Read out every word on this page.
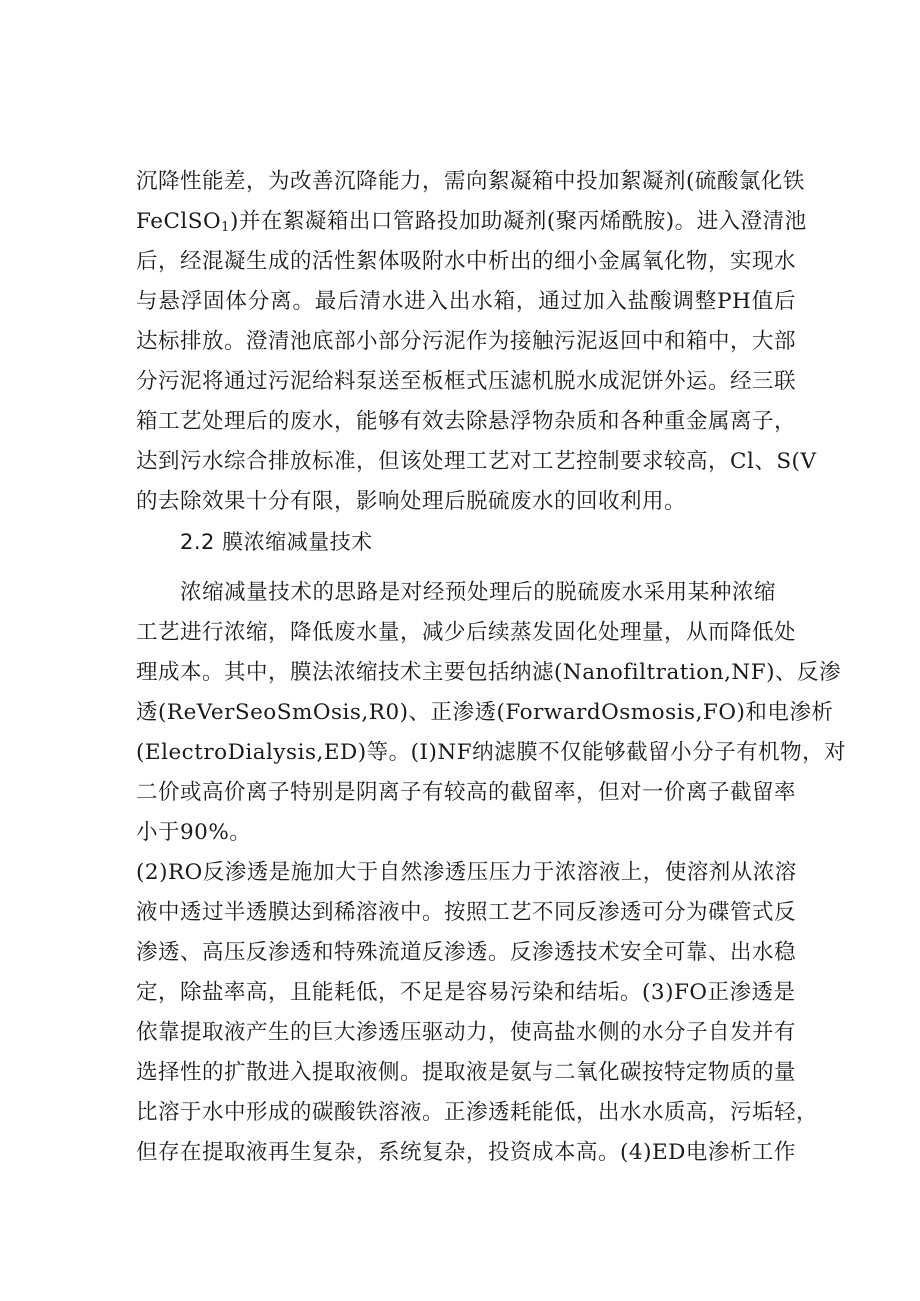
沉降性能差，为改善沉降能力，需向絮凝箱中投加絮凝剂(硫酸氯化铁
FeClSO$_1$)并在絮凝箱出口管路投加助凝剂(聚丙烯酰胺)。进入澄清池
后，经混凝生成的活性絮体吸附水中析出的细小金属氧化物，实现水
与悬浮固体分离。最后清水进入出水箱，通过加入盐酸调整PH值后
达标排放。澄清池底部小部分污泥作为接触污泥返回中和箱中，大部
分污泥将通过污泥给料泵送至板框式压滤机脱水成泥饼外运。经三联
箱工艺处理后的废水，能够有效去除悬浮物杂质和各种重金属离子，
达到污水综合排放标准，但该处理工艺对工艺控制要求较高，Cl、S(V
的去除效果十分有限，影响处理后脱硫废水的回收利用。
2.2 膜浓缩减量技术
浓缩减量技术的思路是对经预处理后的脱硫废水采用某种浓缩
工艺进行浓缩，降低废水量，减少后续蒸发固化处理量，从而降低处
理成本。其中，膜法浓缩技术主要包括纳滤(Nanofiltration,NF)、反渗
透(ReVerSeoSmOsis,R0)、正渗透(ForwardOsmosis,FO)和电渗析
(ElectroDialysis,ED)等。(I)NF纳滤膜不仅能够截留小分子有机物，对
二价或高价离子特别是阴离子有较高的截留率，但对一价离子截留率
小于90%。
(2)RO反渗透是施加大于自然渗透压压力于浓溶液上，使溶剂从浓溶
液中透过半透膜达到稀溶液中。按照工艺不同反渗透可分为碟管式反
渗透、高压反渗透和特殊流道反渗透。反渗透技术安全可靠、出水稳
定，除盐率高，且能耗低，不足是容易污染和结垢。(3)FO正渗透是
依靠提取液产生的巨大渗透压驱动力，使高盐水侧的水分子自发并有
选择性的扩散进入提取液侧。提取液是氨与二氧化碳按特定物质的量
比溶于水中形成的碳酸铁溶液。正渗透耗能低，出水水质高，污垢轻，
但存在提取液再生复杂，系统复杂，投资成本高。(4)ED电渗析工作
